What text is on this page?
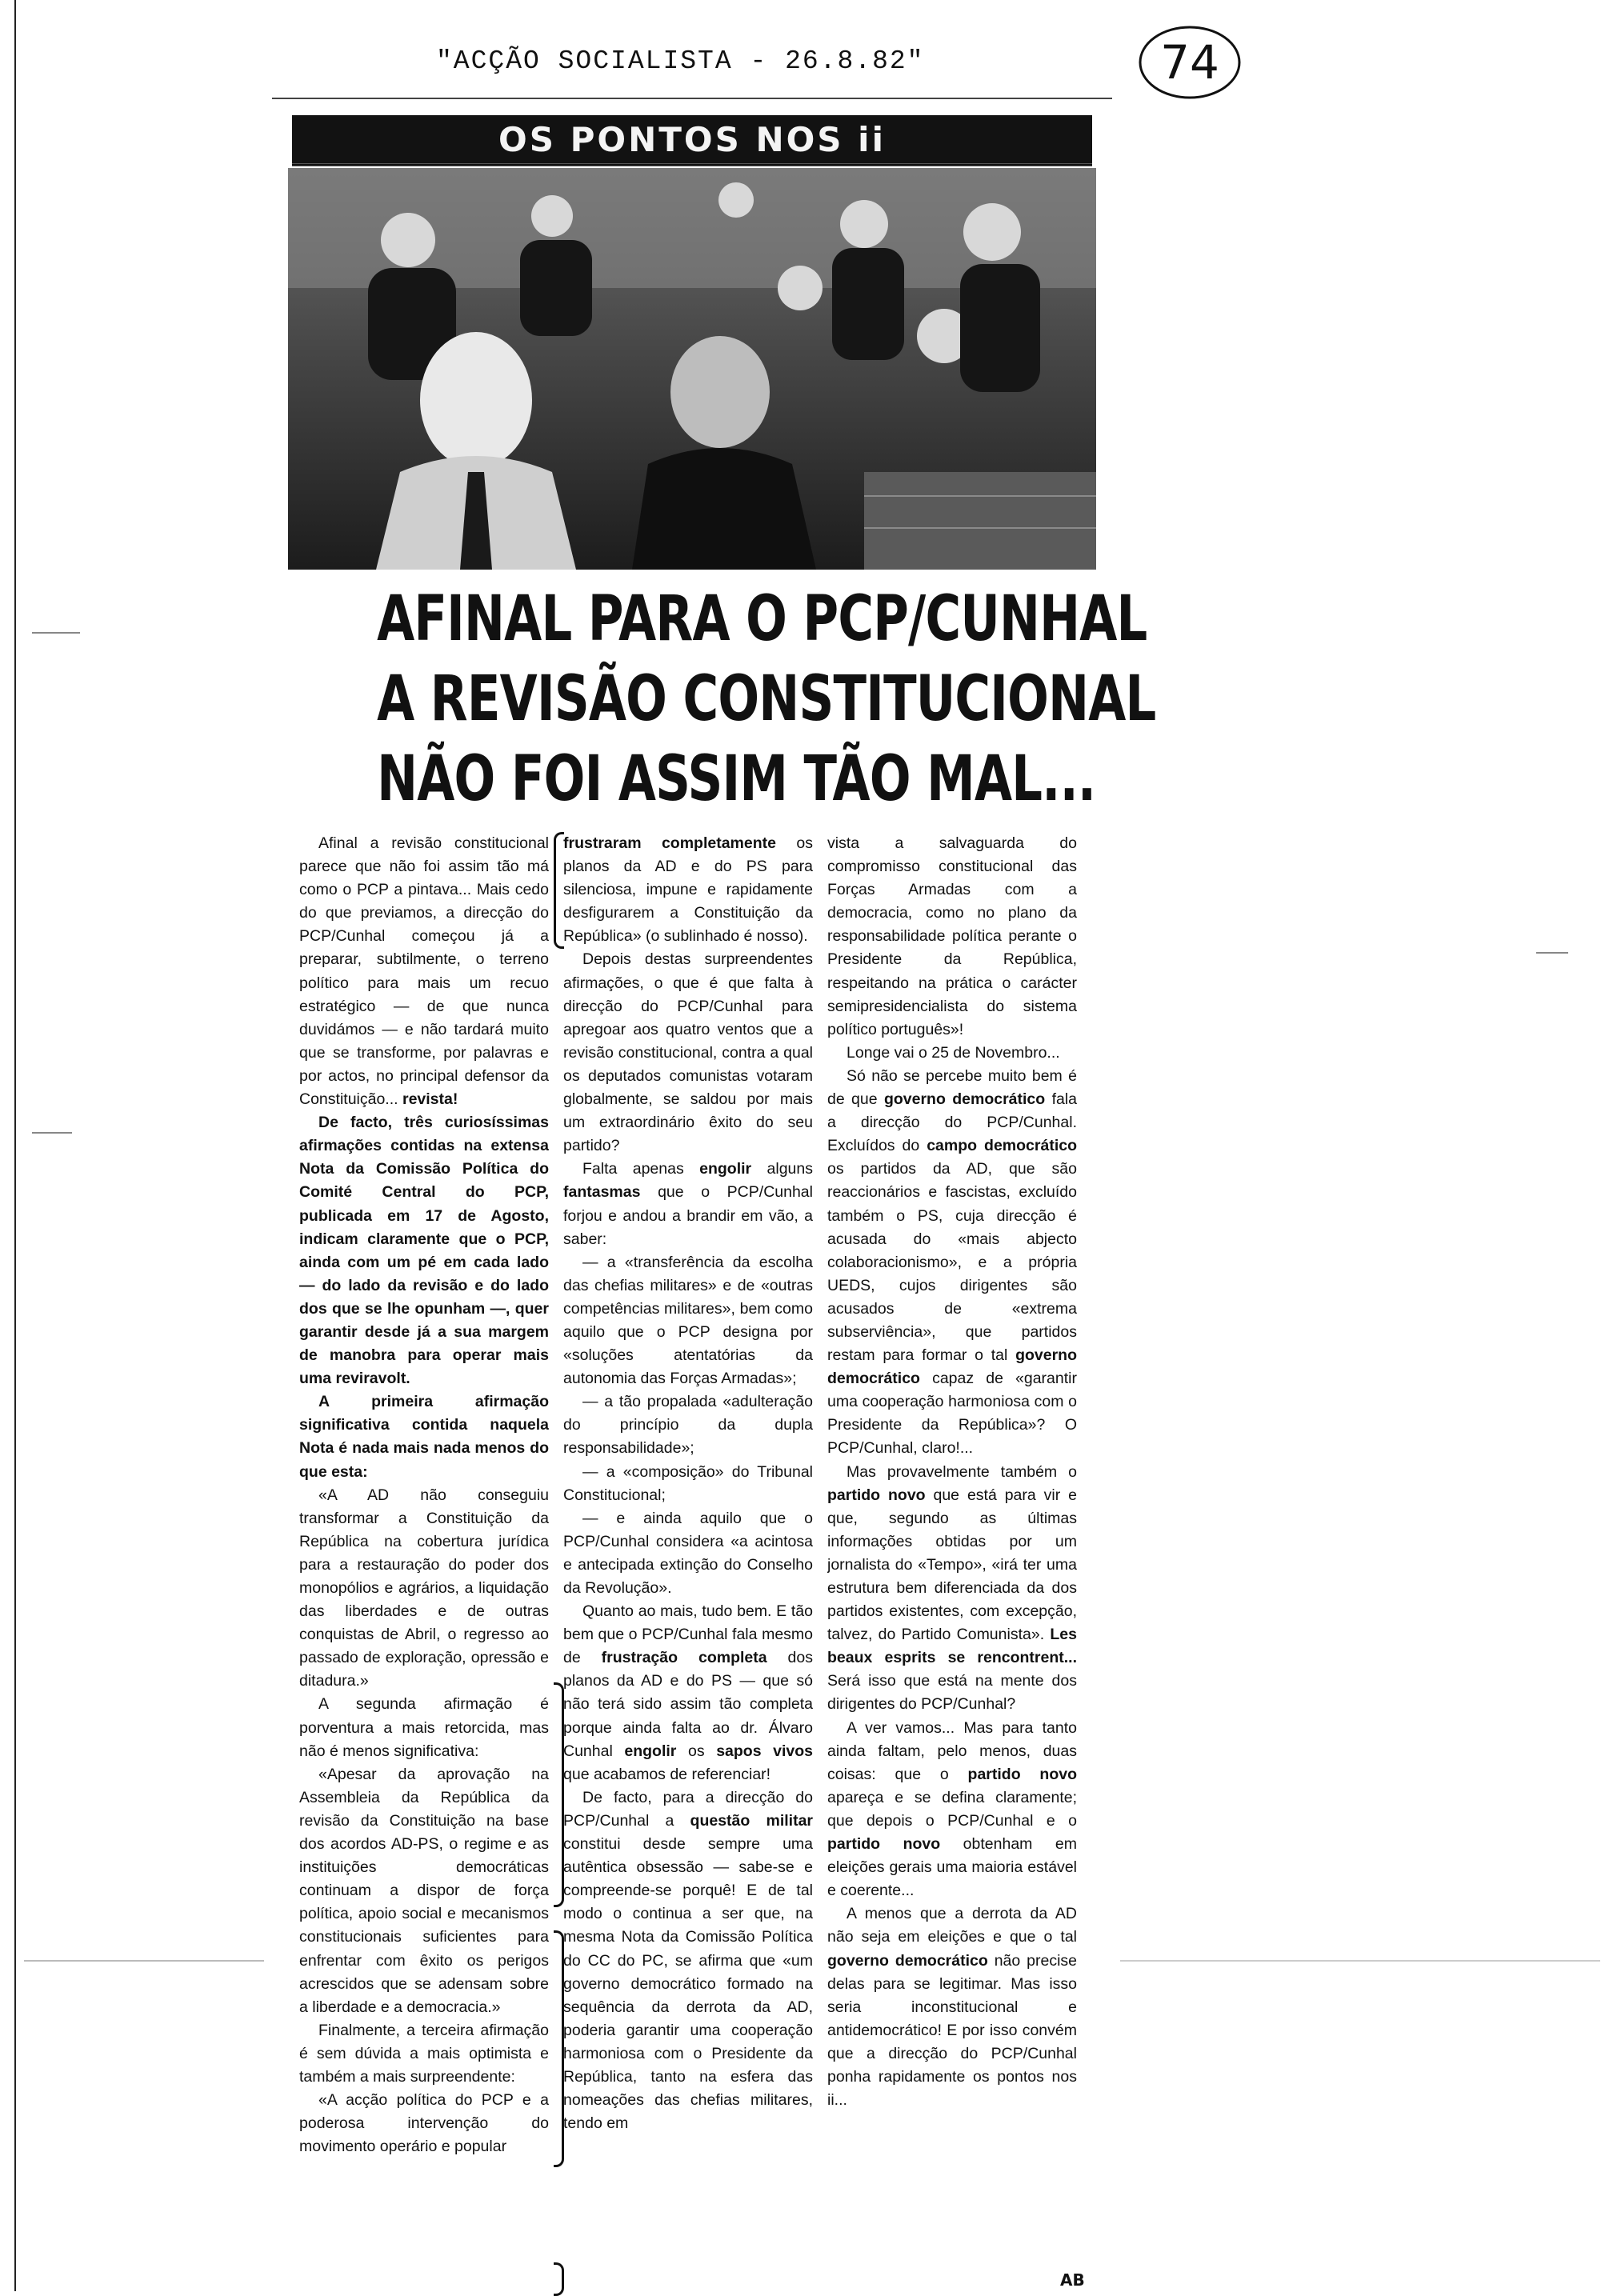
"ACÇÃO SOCIALISTA - 26.8.82"	74
OS PONTOS NOS ii
AFINAL PARA O PCP/CUNHAL
A REVISÃO CONSTITUCIONAL
NÃO FOI ASSIM TÃO MAL...

Afinal a revisão constitucional parece que não foi assim tão má como o PCP a pintava... Mais cedo do que previamos, a direcção do PCP/Cunhal começou já a preparar, subtilmente, o terreno político para mais um recuo estratégico — de que nunca duvidámos — e não tardará muito que se transforme, por palavras e por actos, no principal defensor da Constituição... revista!

De facto, três curiosíssimas afirmações contidas na extensa Nota da Comissão Política do Comité Central do PCP, publicada em 17 de Agosto, indicam claramente que o PCP, ainda com um pé em cada lado — do lado da revisão e do lado dos que se lhe opunham —, quer garantir desde já a sua margem de manobra para operar mais uma reviravolt.

A primeira afirmação significativa contida naquela Nota é nada mais nada menos do que esta:

«A AD não conseguiu transformar a Constituição da República na cobertura jurídica para a restauração do poder dos monopólios e agrários, a liquidação das liberdades e de outras conquistas de Abril, o regresso ao passado de exploração, opressão e ditadura.»

A segunda afirmação é porventura a mais retorcida, mas não é menos significativa:

«Apesar da aprovação na Assembleia da República da revisão da Constituição na base dos acordos AD-PS, o regime e as instituições democráticas continuam a dispor de força política, apoio social e mecanismos constitucionais suficientes para enfrentar com êxito os perigos acrescidos que se adensam sobre a liberdade e a democracia.»

Finalmente, a terceira afirmação é sem dúvida a mais optimista e também a mais surpreendente:

«A acção política do PCP e a poderosa intervenção do movimento operário e popular

frustraram completamente os planos da AD e do PS para silenciosa, impune e rapidamente desfigurarem a Constituição da República» (o sublinhado é nosso).

Depois destas surpreendentes afirmações, o que é que falta à direcção do PCP/Cunhal para apregoar aos quatro ventos que a revisão constitucional, contra a qual os deputados comunistas votaram globalmente, se saldou por mais um extraordinário êxito do seu partido?

Falta apenas engolir alguns fantasmas que o PCP/Cunhal forjou e andou a brandir em vão, a saber:

— a «transferência da escolha das chefias militares» e de «outras competências militares», bem como aquilo que o PCP designa por «soluções atentatórias da autonomia das Forças Armadas»;

— a tão propalada «adulteração do princípio da dupla responsabilidade»;

— a «composição» do Tribunal Constitucional;

— e ainda aquilo que o PCP/Cunhal considera «a acintosa e antecipada extinção do Conselho da Revolução».

Quanto ao mais, tudo bem. E tão bem que o PCP/Cunhal fala mesmo de frustração completa dos planos da AD e do PS — que só não terá sido assim tão completa porque ainda falta ao dr. Álvaro Cunhal engolir os sapos vivos que acabamos de referenciar!

De facto, para a direcção do PCP/Cunhal a questão militar constitui desde sempre uma autêntica obsessão — sabe-se e compreende-se porquê! E de tal modo o continua a ser que, na mesma Nota da Comissão Política do CC do PC, se afirma que «um governo democrático formado na sequência da derrota da AD, poderia garantir uma cooperação harmoniosa com o Presidente da República, tanto na esfera das nomeações das chefias militares, tendo em

vista a salvaguarda do compromisso constitucional das Forças Armadas com a democracia, como no plano da responsabilidade política perante o Presidente da República, respeitando na prática o carácter semipresidencialista do sistema político português»!

Longe vai o 25 de Novembro...

Só não se percebe muito bem é de que governo democrático fala a direcção do PCP/Cunhal. Excluídos do campo democrático os partidos da AD, que são reaccionários e fascistas, excluído também o PS, cuja direcção é acusada do «mais abjecto colaboracionismo», e a própria UEDS, cujos dirigentes são acusados de «extrema subserviência», que partidos restam para formar o tal governo democrático capaz de «garantir uma cooperação harmoniosa com o Presidente da República»? O PCP/Cunhal, claro!...

Mas provavelmente também o partido novo que está para vir e que, segundo as últimas informações obtidas por um jornalista do «Tempo», «irá ter uma estrutura bem diferenciada da dos partidos existentes, com excepção, talvez, do Partido Comunista». Les beaux esprits se rencontrent... Será isso que está na mente dos dirigentes do PCP/Cunhal?

A ver vamos... Mas para tanto ainda faltam, pelo menos, duas coisas: que o partido novo apareça e se defina claramente; que depois o PCP/Cunhal e o partido novo obtenham em eleições gerais uma maioria estável e coerente...

A menos que a derrota da AD não seja em eleições e que o tal governo democrático não precise delas para se legitimar. Mas isso seria inconstitucional e antidemocrático! E por isso convém que a direcção do PCP/Cunhal ponha rapidamente os pontos nos ii...

AB
